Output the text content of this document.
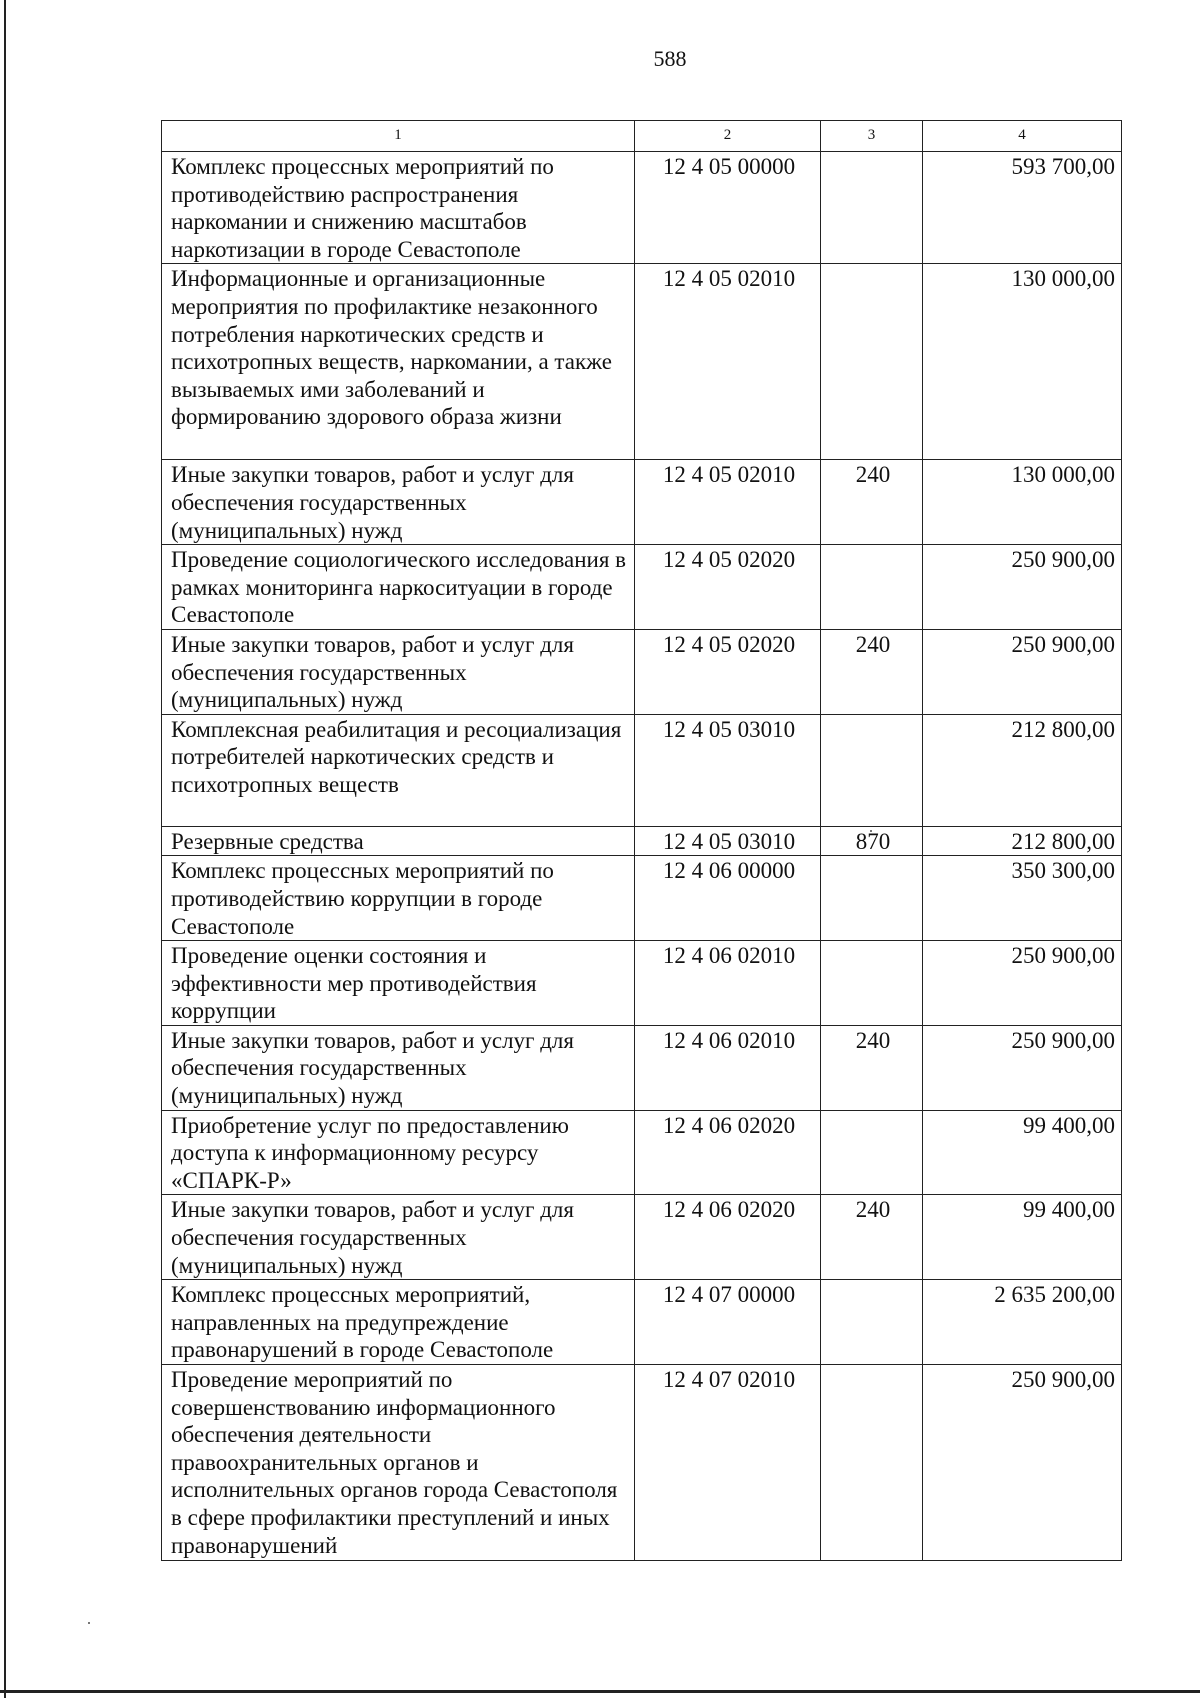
588
1	2	3	4
Комплекс процессных мероприятий по противодействию распространения наркомании и снижению масштабов наркотизации в городе Севастополе	12 4 05 00000		593 700,00
Информационные и организационные мероприятия по профилактике незаконного потребления наркотических средств и психотропных веществ, наркомании, а также вызываемых ими заболеваний и формированию здорового образа жизни	12 4 05 02010		130 000,00
Иные закупки товаров, работ и услуг для обеспечения государственных (муниципальных) нужд	12 4 05 02010	240	130 000,00
Проведение социологического исследования в рамках мониторинга наркоситуации в городе Севастополе	12 4 05 02020		250 900,00
Иные закупки товаров, работ и услуг для обеспечения государственных (муниципальных) нужд	12 4 05 02020	240	250 900,00
Комплексная реабилитация и ресоциализация потребителей наркотических средств и психотропных веществ	12 4 05 03010		212 800,00
Резервные средства	12 4 05 03010	870	212 800,00
Комплекс процессных мероприятий по противодействию коррупции в городе Севастополе	12 4 06 00000		350 300,00
Проведение оценки состояния и эффективности мер противодействия коррупции	12 4 06 02010		250 900,00
Иные закупки товаров, работ и услуг для обеспечения государственных (муниципальных) нужд	12 4 06 02010	240	250 900,00
Приобретение услуг по предоставлению доступа к информационному ресурсу «СПАРК-Р»	12 4 06 02020		99 400,00
Иные закупки товаров, работ и услуг для обеспечения государственных (муниципальных) нужд	12 4 06 02020	240	99 400,00
Комплекс процессных мероприятий, направленных на предупреждение правонарушений в городе Севастополе	12 4 07 00000		2 635 200,00
Проведение мероприятий по совершенствованию информационного обеспечения деятельности правоохранительных органов и исполнительных органов города Севастополя в сфере профилактики преступлений и иных правонарушений	12 4 07 02010		250 900,00
